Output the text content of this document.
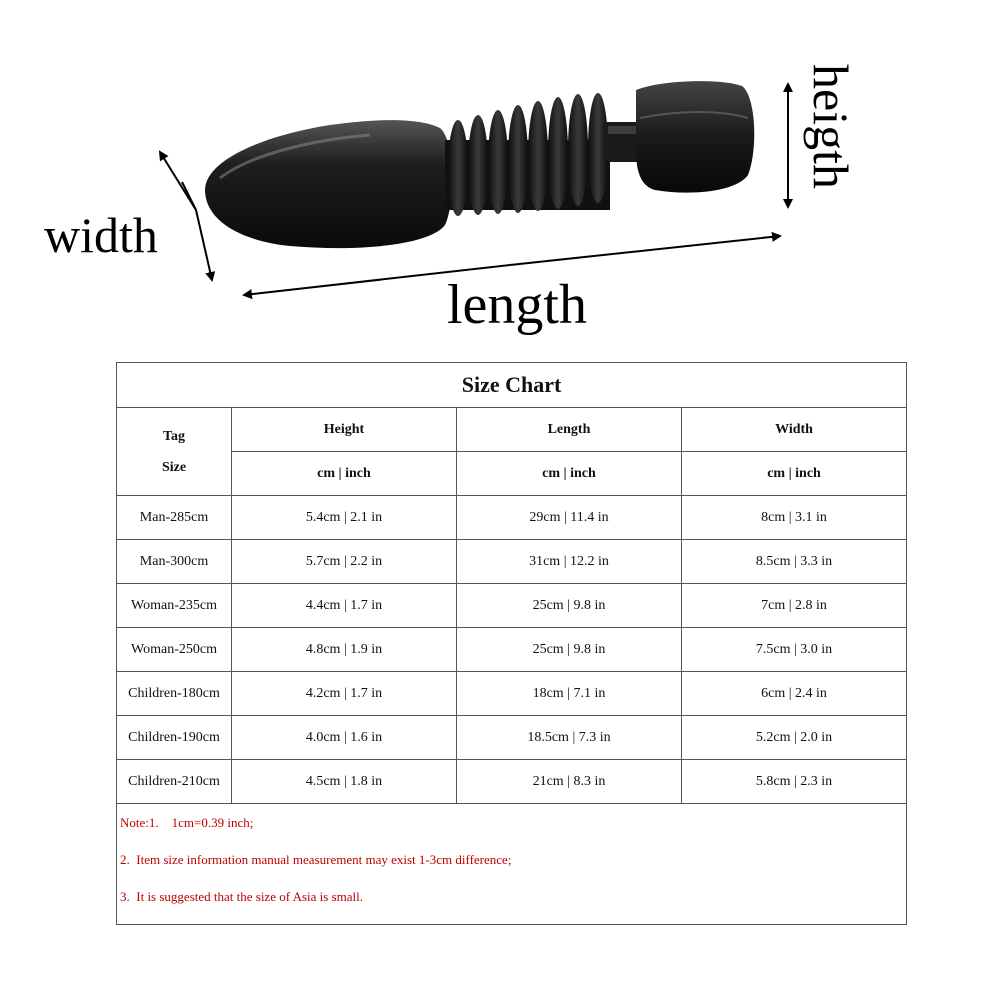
width
length
heigth
Size Chart			

Tag
Size	Height	Length	Width
	cm | inch	cm | inch	cm | inch
Man-285cm	5.4cm | 2.1 in	29cm | 11.4 in	8cm | 3.1 in
Man-300cm	5.7cm | 2.2 in	31cm | 12.2 in	8.5cm | 3.3 in
Woman-235cm	4.4cm | 1.7 in	25cm | 9.8 in	7cm | 2.8 in
Woman-250cm	4.8cm | 1.9 in	25cm | 9.8 in	7.5cm | 3.0 in
Children-180cm	4.2cm | 1.7 in	18cm | 7.1 in	6cm | 2.4 in
Children-190cm	4.0cm | 1.6 in	18.5cm | 7.3 in	5.2cm | 2.0 in
Children-210cm	4.5cm | 1.8 in	21cm | 8.3 in	5.8cm | 2.3 in

Note:1.    1cm=0.39 inch;
2.  Item size information manual measurement may exist 1-3cm difference;
3.  It is suggested that the size of Asia is small.			
